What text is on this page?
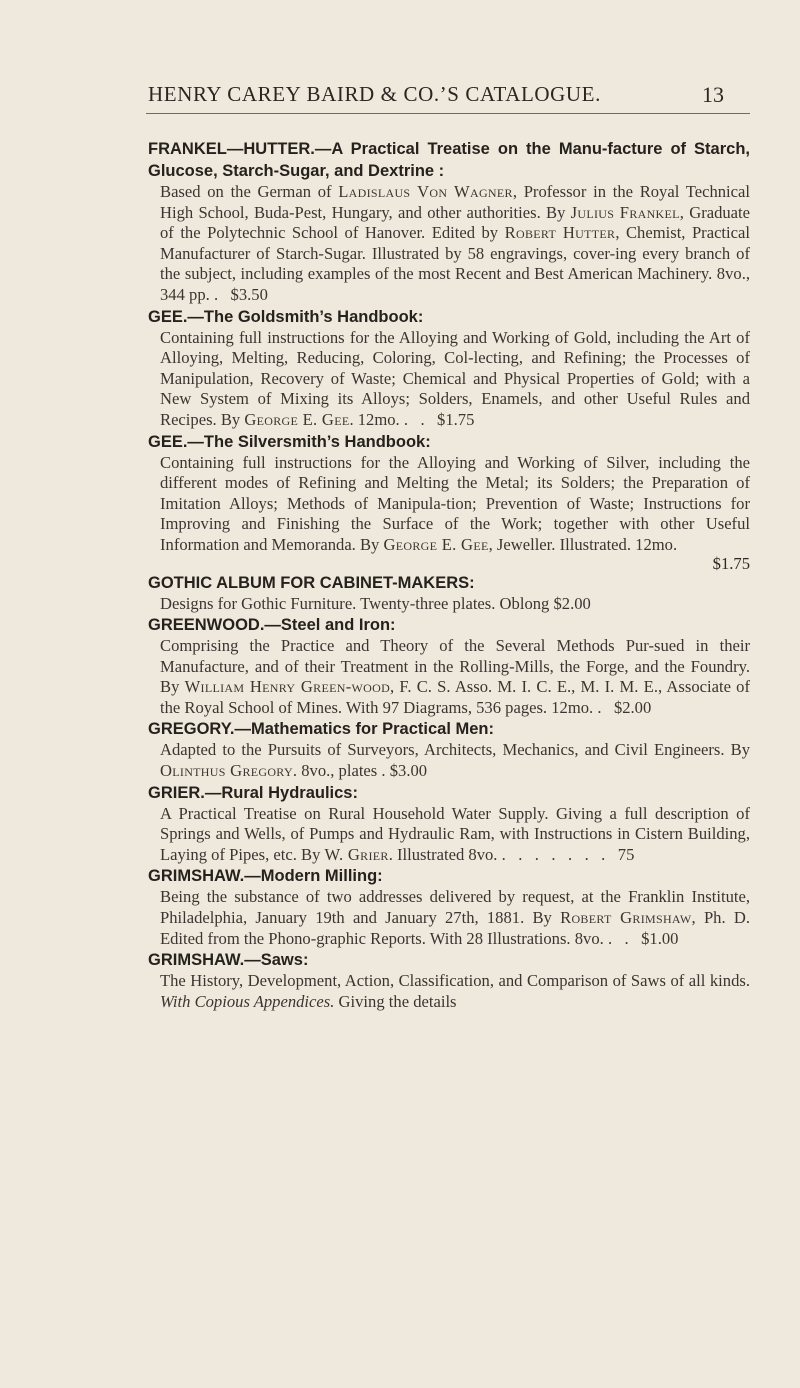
HENRY CAREY BAIRD & CO.’S CATALOGUE.	13
FRANKEL—HUTTER.—A Practical Treatise on the Manu-facture of Starch, Glucose, Starch-Sugar, and Dextrine :
Based on the German of Ladislaus Von Wagner, Professor in the Royal Technical High School, Buda-Pest, Hungary, and other authorities. By Julius Frankel, Graduate of the Polytechnic School of Hanover. Edited by Robert Hutter, Chemist, Practical Manufacturer of Starch-Sugar. Illustrated by 58 engravings, cover-ing every branch of the subject, including examples of the most Recent and Best American Machinery. 8vo., 344 pp. .   $3.50
GEE.—The Goldsmith’s Handbook:
Containing full instructions for the Alloying and Working of Gold, including the Art of Alloying, Melting, Reducing, Coloring, Col-lecting, and Refining; the Processes of Manipulation, Recovery of Waste; Chemical and Physical Properties of Gold; with a New System of Mixing its Alloys; Solders, Enamels, and other Useful Rules and Recipes. By George E. Gee. 12mo. .   .   $1.75
GEE.—The Silversmith’s Handbook:
Containing full instructions for the Alloying and Working of Silver, including the different modes of Refining and Melting the Metal; its Solders; the Preparation of Imitation Alloys; Methods of Manipula-tion; Prevention of Waste; Instructions for Improving and Finishing the Surface of the Work; together with other Useful Information and Memoranda. By George E. Gee, Jeweller. Illustrated. 12mo.
$1.75
GOTHIC ALBUM FOR CABINET-MAKERS:
Designs for Gothic Furniture. Twenty-three plates. Oblong $2.00
GREENWOOD.—Steel and Iron:
Comprising the Practice and Theory of the Several Methods Pur-sued in their Manufacture, and of their Treatment in the Rolling-Mills, the Forge, and the Foundry. By William Henry Green-wood, F. C. S. Asso. M. I. C. E., M. I. M. E., Associate of the Royal School of Mines. With 97 Diagrams, 536 pages. 12mo. .   $2.00
GREGORY.—Mathematics for Practical Men:
Adapted to the Pursuits of Surveyors, Architects, Mechanics, and Civil Engineers. By Olinthus Gregory. 8vo., plates . $3.00
GRIER.—Rural Hydraulics:
A Practical Treatise on Rural Household Water Supply. Giving a full description of Springs and Wells, of Pumps and Hydraulic Ram, with Instructions in Cistern Building, Laying of Pipes, etc. By W. Grier. Illustrated 8vo. .   .   .   .   .   .   .   75
GRIMSHAW.—Modern Milling:
Being the substance of two addresses delivered by request, at the Franklin Institute, Philadelphia, January 19th and January 27th, 1881. By Robert Grimshaw, Ph. D. Edited from the Phono-graphic Reports. With 28 Illustrations. 8vo. .   .   $1.00
GRIMSHAW.—Saws:
The History, Development, Action, Classification, and Comparison of Saws of all kinds. With Copious Appendices. Giving the details
